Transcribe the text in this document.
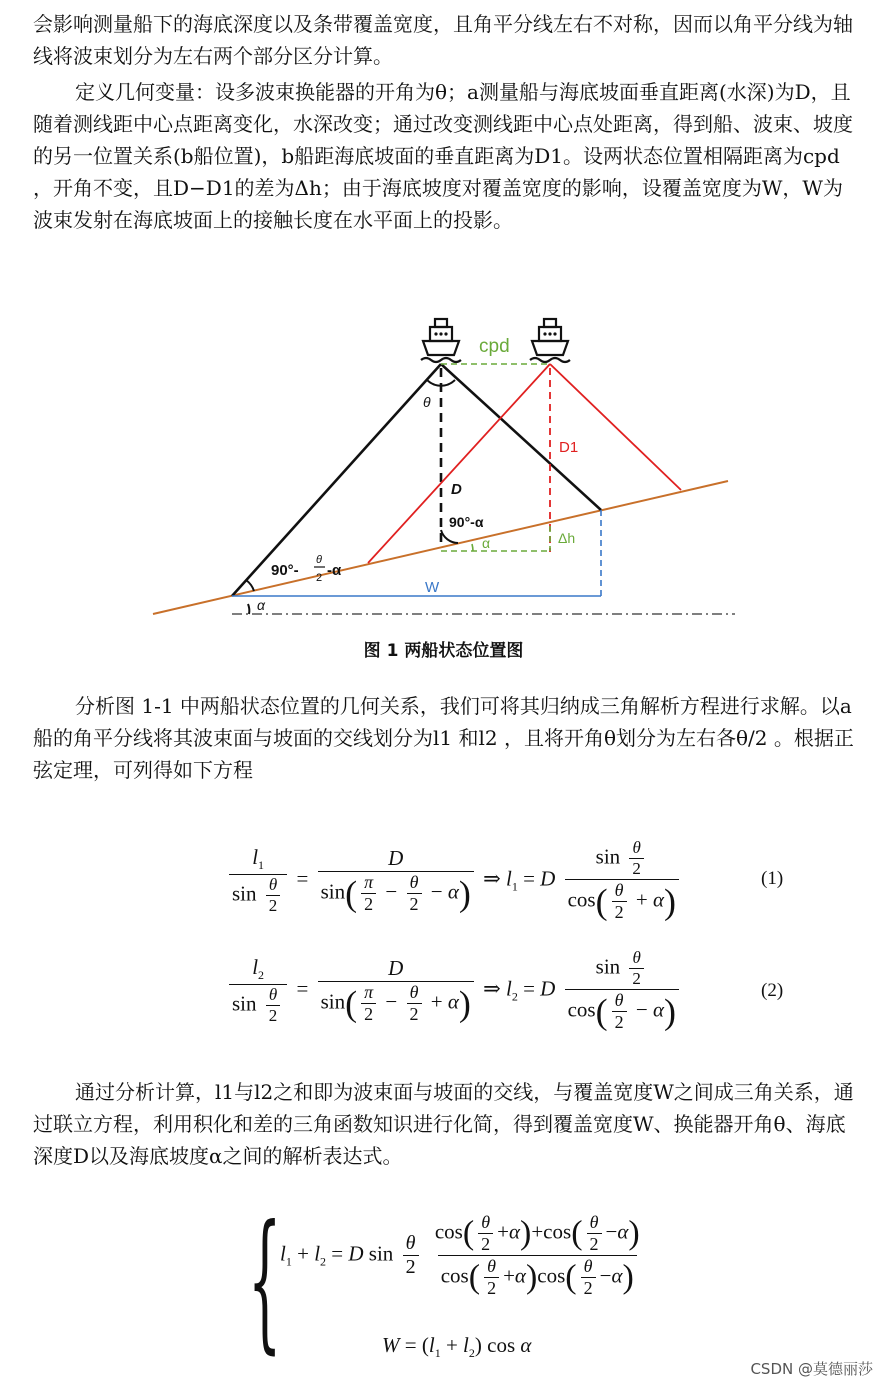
会影响测量船下的海底深度以及条带覆盖宽度，且角平分线左右不对称，因而以角平分线为轴线将波束划分为左右两个部分区分计算。

定义几何变量：设多波束换能器的开角为θ；a测量船与海底坡面垂直距离(水深)为D，且随着测线距中心点距离变化，水深改变；通过改变测线距中心点处距离，得到船、波束、坡度的另一位置关系(b船位置)，b船距海底坡面的垂直距离为D1。设两状态位置相隔距离为cpd ，开角不变，且D−D1的差为Δh；由于海底坡度对覆盖宽度的影响，设覆盖宽度为W，W为波束发射在海底坡面上的接触长度在水平面上的投影。

cpd
θ
D
D1
90°-α
α	Δh
90°-
θ
2 -α
W
α
图 1 两船状态位置图

分析图 1-1 中两船状态位置的几何关系，我们可将其归纳成三角解析方程进行求解。以a船的角平分线将其波束面与坡面的交线划分为l1 和l2 ，且将开角θ划分为左右各θ/2 。根据正弦定理，可列得如下方程

$\frac{l_1}{\sin \frac{\theta}{2}} = \frac{D}{\sin( \frac{\pi}{2} - \frac{\theta}{2} - \alpha)}$ ⇒ $l_1 = D \frac{\sin \frac{\theta}{2}}{\cos( \frac{\theta}{2} + \alpha)}$	(1)
$\frac{l_2}{\sin \frac{\theta}{2}} = \frac{D}{\sin( \frac{\pi}{2} - \frac{\theta}{2} + \alpha)}$ ⇒ $l_2 = D \frac{\sin \frac{\theta}{2}}{\cos( \frac{\theta}{2} - \alpha)}$	(2)

通过分析计算，l1与l2之和即为波束面与坡面的交线，与覆盖宽度W之间成三角关系，通过联立方程，利用积化和差的三角函数知识进行化简，得到覆盖宽度W、换能器开角θ、海底深度D以及海底坡度α之间的解析表达式。

{
$l_1 + l_2 = D$ $\sin \frac{\theta}{2}$
$\frac{\cos( \frac{\theta}{2} +\alpha)+\cos( \frac{\theta}{2} -\alpha)}{\cos( \frac{\theta}{2} +\alpha)\cos( \frac{\theta}{2} -\alpha)}$
$W = (l_1 + l_2)$ cos α
CSDN @莫德丽莎
